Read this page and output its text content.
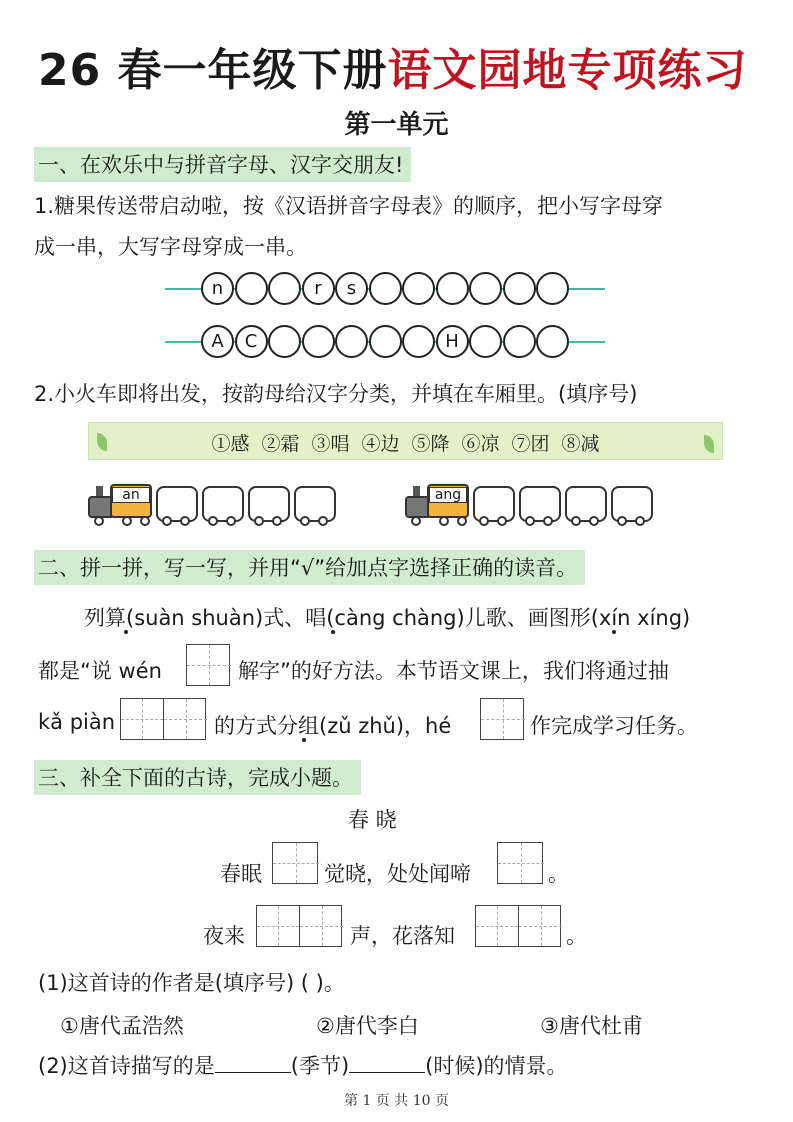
26 春一年级下册语文园地专项练习
第一单元
一、在欢乐中与拼音字母、汉字交朋友!
1.糖果传送带启动啦，按《汉语拼音字母表》的顺序，把小写字母穿
成一串，大写字母穿成一串。
n	r	s
A	C	H
2.小火车即将出发，按韵母给汉字分类，并填在车厢里。(填序号)
①感 ②霜 ③唱 ④边 ⑤降 ⑥凉 ⑦团 ⑧减
an	ang
二、拼一拼，写一写，并用“√”给加点字选择正确的读音。
列算(suàn shuàn)式、唱(càng chàng)儿歌、画图形(xín xíng)
都是“说 wén	解字”的好方法。本节语文课上，我们将通过抽
kǎ piàn	的方式分组(zǔ zhǔ)，hé	作完成学习任务。
三、补全下面的古诗，完成小题。
春 晓
春眠	觉晓，处处闻啼	。
夜来	声，花落知	。
(1)这首诗的作者是(填序号) ( )。
①唐代孟浩然	②唐代李白	③唐代杜甫
(2)这首诗描写的是	(季节)	(时候)的情景。
第 1 页 共 10 页
